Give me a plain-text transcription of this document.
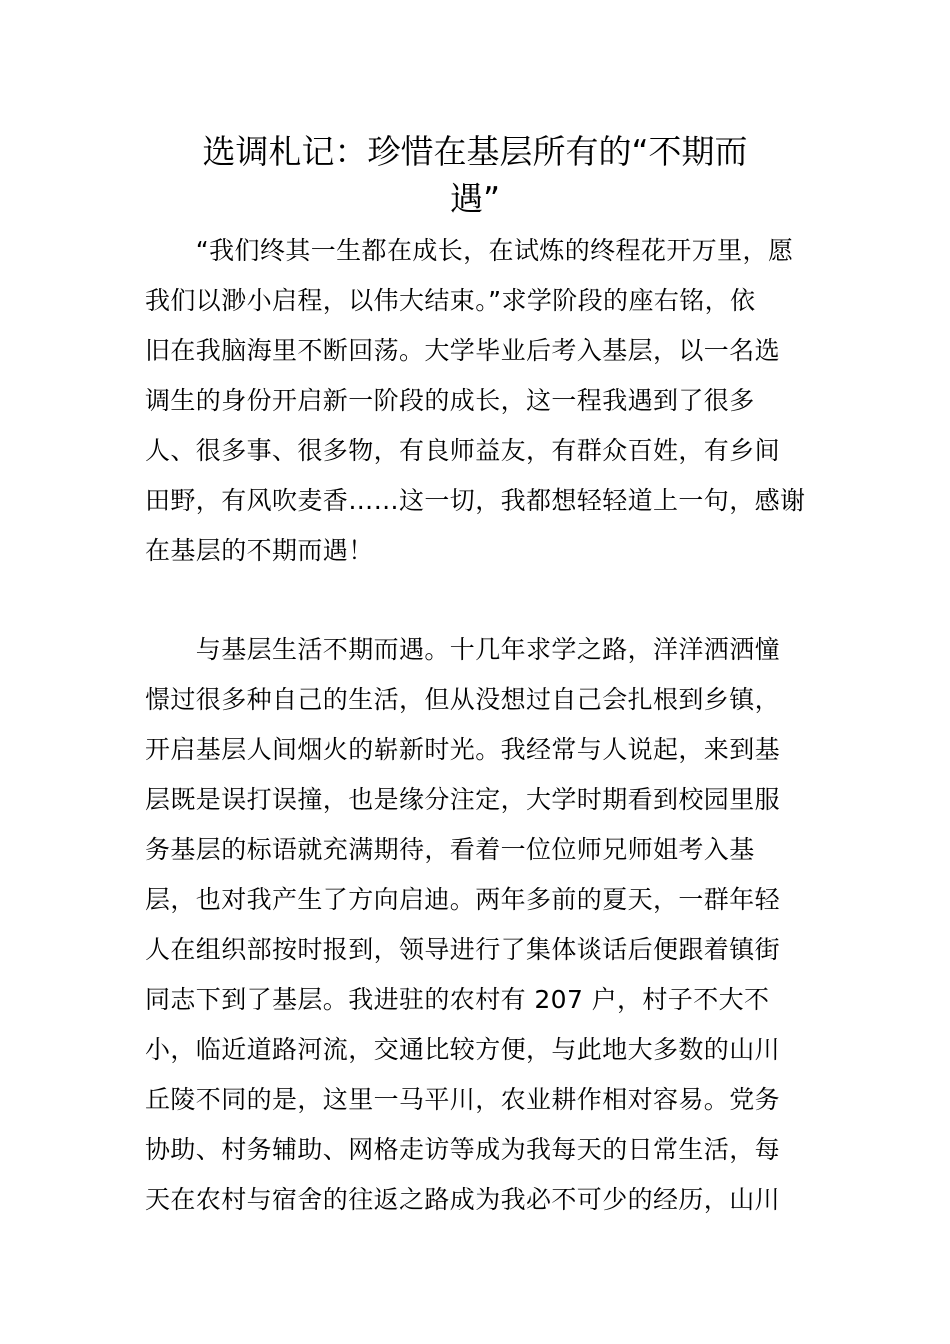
选调札记：珍惜在基层所有的“不期而
遇”
　　“我们终其一生都在成长，在试炼的终程花开万里，愿
我们以渺小启程，以伟大结束。”求学阶段的座右铭，依
旧在我脑海里不断回荡。大学毕业后考入基层，以一名选
调生的身份开启新一阶段的成长，这一程我遇到了很多
人、很多事、很多物，有良师益友，有群众百姓，有乡间
田野，有风吹麦香……这一切，我都想轻轻道上一句，感谢
在基层的不期而遇！
　　与基层生活不期而遇。十几年求学之路，洋洋洒洒憧
憬过很多种自己的生活，但从没想过自己会扎根到乡镇，
开启基层人间烟火的崭新时光。我经常与人说起，来到基
层既是误打误撞，也是缘分注定，大学时期看到校园里服
务基层的标语就充满期待，看着一位位师兄师姐考入基
层，也对我产生了方向启迪。两年多前的夏天，一群年轻
人在组织部按时报到，领导进行了集体谈话后便跟着镇街
同志下到了基层。我进驻的农村有 207 户，村子不大不
小，临近道路河流，交通比较方便，与此地大多数的山川
丘陵不同的是，这里一马平川，农业耕作相对容易。党务
协助、村务辅助、网格走访等成为我每天的日常生活，每
天在农村与宿舍的往返之路成为我必不可少的经历，山川
